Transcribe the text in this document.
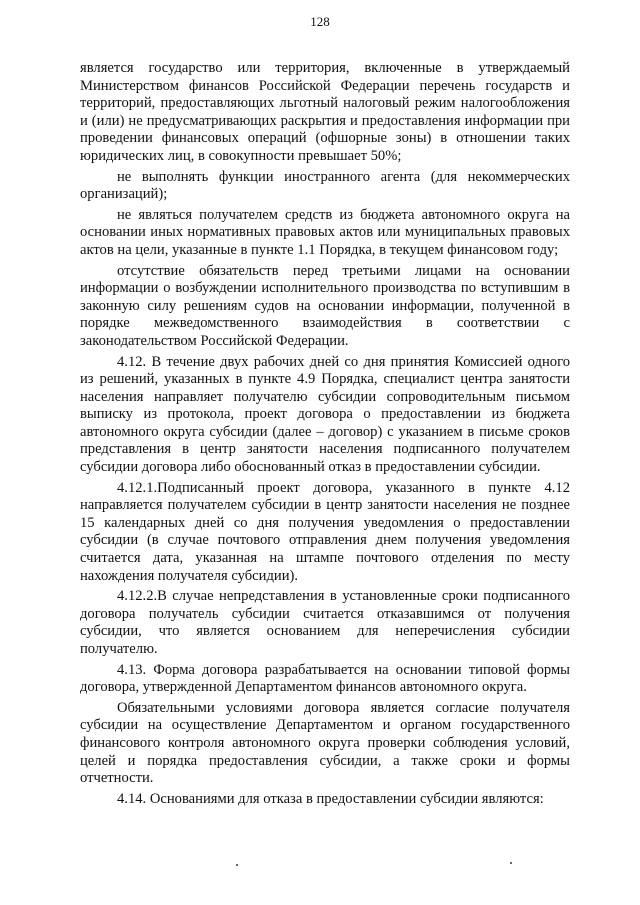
128

является государство или территория, включенные в утверждаемый Министерством финансов Российской Федерации перечень государств и территорий, предоставляющих льготный налоговый режим налогообложения и (или) не предусматривающих раскрытия и предоставления информации при проведении финансовых операций (офшорные зоны) в отношении таких юридических лиц, в совокупности превышает 50%;

не выполнять функции иностранного агента (для некоммерческих организаций);

не являться получателем средств из бюджета автономного округа на основании иных нормативных правовых актов или муниципальных правовых актов на цели, указанные в пункте 1.1 Порядка, в текущем финансовом году;

отсутствие обязательств перед третьими лицами на основании информации о возбуждении исполнительного производства по вступившим в законную силу решениям судов на основании информации, полученной в порядке межведомственного взаимодействия в соответствии с законодательством Российской Федерации.

4.12. В течение двух рабочих дней со дня принятия Комиссией одного из решений, указанных в пункте 4.9 Порядка, специалист центра занятости населения направляет получателю субсидии сопроводительным письмом выписку из протокола, проект договора о предоставлении из бюджета автономного округа субсидии (далее – договор) с указанием в письме сроков представления в центр занятости населения подписанного получателем субсидии договора либо обоснованный отказ в предоставлении субсидии.

4.12.1.Подписанный проект договора, указанного в пункте 4.12 направляется получателем субсидии в центр занятости населения не позднее 15 календарных дней со дня получения уведомления о предоставлении субсидии (в случае почтового отправления днем получения уведомления считается дата, указанная на штампе почтового отделения по месту нахождения получателя субсидии).

4.12.2.В случае непредставления в установленные сроки подписанного договора получатель субсидии считается отказавшимся от получения субсидии, что является основанием для неперечисления субсидии получателю.

4.13. Форма договора разрабатывается на основании типовой формы договора, утвержденной Департаментом финансов автономного округа.

Обязательными условиями договора является согласие получателя субсидии на осуществление Департаментом и органом государственного финансового контроля автономного округа проверки соблюдения условий, целей и порядка предоставления субсидии, а также сроки и формы отчетности.

4.14. Основаниями для отказа в предоставлении субсидии являются:
